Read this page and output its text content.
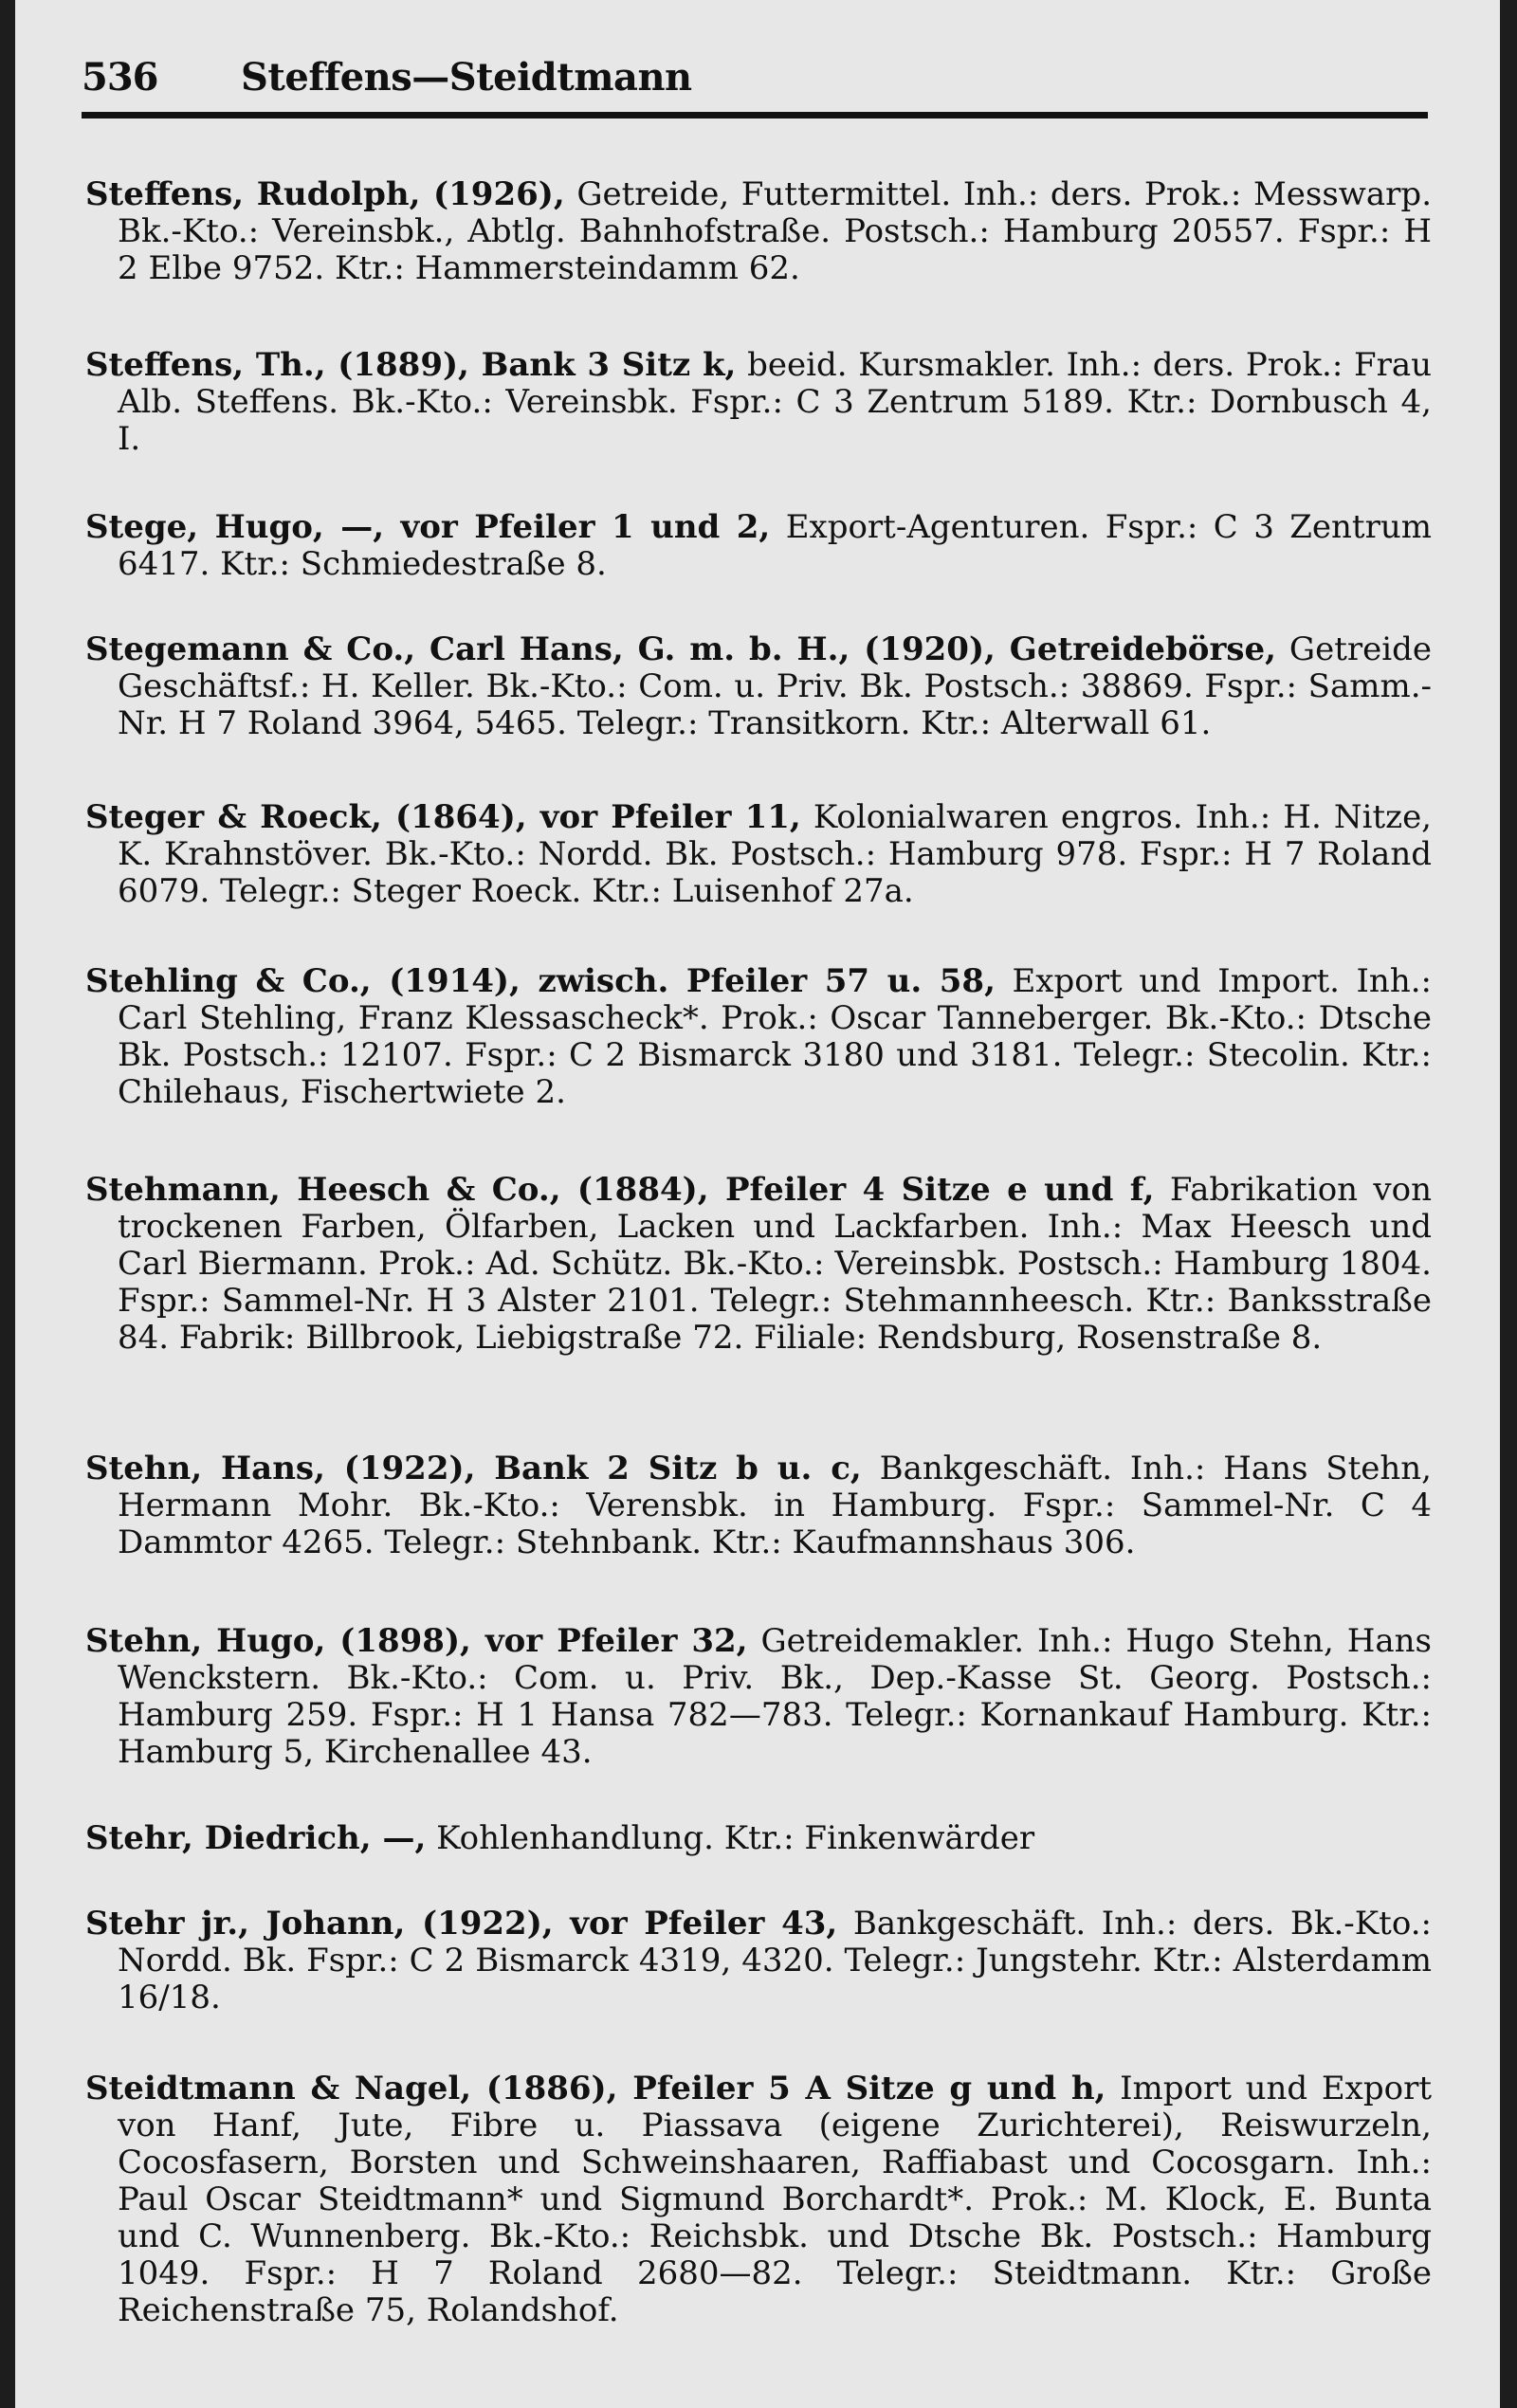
536 Steffens—Steidtmann
Steffens, Rudolph, (1926), Getreide, Futtermittel. Inh.: ders. Prok.: Messwarp. Bk.-Kto.: Vereinsbk., Abtlg. Bahnhofstraße. Postsch.: Hamburg 20557. Fspr.: H 2 Elbe 9752. Ktr.: Hammersteindamm 62.
Steffens, Th., (1889), Bank 3 Sitz k, beeid. Kursmakler. Inh.: ders. Prok.: Frau Alb. Steffens. Bk.-Kto.: Vereinsbk. Fspr.: C 3 Zentrum 5189. Ktr.: Dornbusch 4, I.
Stege, Hugo, —, vor Pfeiler 1 und 2, Export-Agenturen. Fspr.: C 3 Zentrum 6417. Ktr.: Schmiedestraße 8.
Stegemann & Co., Carl Hans, G. m. b. H., (1920), Getreidebörse, Getreide Geschäftsf.: H. Keller. Bk.-Kto.: Com. u. Priv. Bk. Postsch.: 38869. Fspr.: Samm.-Nr. H 7 Roland 3964, 5465. Telegr.: Transitkorn. Ktr.: Alterwall 61.
Steger & Roeck, (1864), vor Pfeiler 11, Kolonialwaren engros. Inh.: H. Nitze, K. Krahnstöver. Bk.-Kto.: Nordd. Bk. Postsch.: Hamburg 978. Fspr.: H 7 Roland 6079. Telegr.: Steger Roeck. Ktr.: Luisenhof 27a.
Stehling & Co., (1914), zwisch. Pfeiler 57 u. 58, Export und Import. Inh.: Carl Stehling, Franz Klessascheck*. Prok.: Oscar Tanneberger. Bk.-Kto.: Dtsche Bk. Postsch.: 12107. Fspr.: C 2 Bismarck 3180 und 3181. Telegr.: Stecolin. Ktr.: Chilehaus, Fischertwiete 2.
Stehmann, Heesch & Co., (1884), Pfeiler 4 Sitze e und f, Fabrikation von trockenen Farben, Ölfarben, Lacken und Lackfarben. Inh.: Max Heesch und Carl Biermann. Prok.: Ad. Schütz. Bk.-Kto.: Vereinsbk. Postsch.: Hamburg 1804. Fspr.: Sammel-Nr. H 3 Alster 2101. Telegr.: Stehmannheesch. Ktr.: Banksstraße 84. Fabrik: Billbrook, Liebigstraße 72. Filiale: Rendsburg, Rosenstraße 8.
Stehn, Hans, (1922), Bank 2 Sitz b u. c, Bankgeschäft. Inh.: Hans Stehn, Hermann Mohr. Bk.-Kto.: Verensbk. in Hamburg. Fspr.: Sammel-Nr. C 4 Dammtor 4265. Telegr.: Stehnbank. Ktr.: Kaufmannshaus 306.
Stehn, Hugo, (1898), vor Pfeiler 32, Getreidemakler. Inh.: Hugo Stehn, Hans Wenckstern. Bk.-Kto.: Com. u. Priv. Bk., Dep.-Kasse St. Georg. Postsch.: Hamburg 259. Fspr.: H 1 Hansa 782—783. Telegr.: Kornankauf Hamburg. Ktr.: Hamburg 5, Kirchenallee 43.
Stehr, Diedrich, —, Kohlenhandlung. Ktr.: Finkenwärder
Stehr jr., Johann, (1922), vor Pfeiler 43, Bankgeschäft. Inh.: ders. Bk.-Kto.: Nordd. Bk. Fspr.: C 2 Bismarck 4319, 4320. Telegr.: Jungstehr. Ktr.: Alsterdamm 16/18.
Steidtmann & Nagel, (1886), Pfeiler 5 A Sitze g und h, Import und Export von Hanf, Jute, Fibre u. Piassava (eigene Zurichterei), Reiswurzeln, Cocosfasern, Borsten und Schweinshaaren, Raffiabast und Cocosgarn. Inh.: Paul Oscar Steidtmann* und Sigmund Borchardt*. Prok.: M. Klock, E. Bunta und C. Wunnenberg. Bk.-Kto.: Reichsbk. und Dtsche Bk. Postsch.: Hamburg 1049. Fspr.: H 7 Roland 2680—82. Telegr.: Steidtmann. Ktr.: Große Reichenstraße 75, Rolandshof.
